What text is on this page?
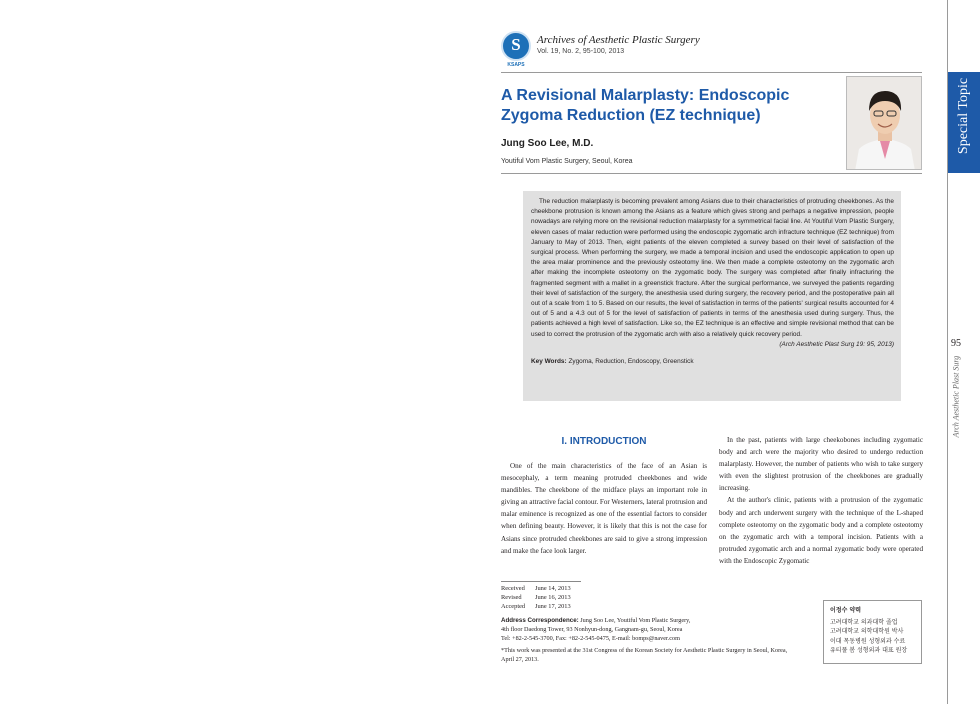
S
KSAPS
Archives of Aesthetic Plastic Surgery
Vol. 19, No. 2, 95-100, 2013
A Revisional Malarplasty: Endoscopic Zygoma Reduction (EZ technique)
Jung Soo Lee, M.D.
Youtiful Vom Plastic Surgery, Seoul, Korea
Special Topic
95
Arch Aesthetic Plast Surg

The reduction malarplasty is becoming prevalent among Asians due to their characteristics of protruding cheekbones. As the cheekbone protrusion is known among the Asians as a feature which gives strong and perhaps a negative impression, people nowadays are relying more on the revisional reduction malarplasty for a symmetrical facial line. At Youtiful Vom Plastic Surgery, eleven cases of malar reduction were performed using the endoscopic zygomatic arch infracture technique (EZ technique) from January to May of 2013. Then, eight patients of the eleven completed a survey based on their level of satisfaction of the surgical process. When performing the surgery, we made a temporal incision and used the endoscopic application to open up the area malar prominence and the previously osteotomy line. We then made a complete osteotomy on the zygomatic arch after making the incomplete osteotomy on the zygomatic body. The surgery was completed after finally infracturing the fragmented segment with a mallet in a greenstick fracture. After the surgical performance, we surveyed the patients regarding their level of satisfaction of the surgery, the anesthesia used during surgery, the recovery period, and the postoperative pain all out of a scale from 1 to 5. Based on our results, the level of satisfaction in terms of the patients' surgical results accounted for 4 out of 5 and a 4.3 out of 5 for the level of satisfaction of patients in terms of the anesthesia used during surgery. Thus, the patients achieved a high level of satisfaction. Like so, the EZ technique is an effective and simple revisional method that can be used to correct the protrusion of the zygomatic arch with also a relatively quick recovery period.

(Arch Aesthetic Plast Surg 19: 95, 2013)

Key Words: Zygoma, Reduction, Endoscopy, Greenstick

I. INTRODUCTION

One of the main characteristics of the face of an Asian is mesocephaly, a term meaning protruded cheekbones and wide mandibles. The cheekbone of the midface plays an important role in giving an attractive facial contour. For Westerners, lateral protrusion and malar eminence is recognized as one of the essential factors to consider when defining beauty. However, it is likely that this is not the case for Asians since protruded cheekbones are said to give a strong impression and make the face look larger.

In the past, patients with large cheekobones including zygomatic body and arch were the majority who desired to undergo reduction malarplasty. However, the number of patients who wish to take surgery with even the slightest protrusion of the cheekbones are gradually increasing.

At the author's clinic, patients with a protrusion of the zygomatic body and arch underwent surgery with the technique of the L-shaped complete osteotomy on the zygomatic body and a complete osteotomy on the zygomatic arch with a temporal incision. Patients with a protruded zygomatic arch and a normal zygomatic body were operated with the Endoscopic Zygomatic

Received June 14, 2013
Revised June 16, 2013
Accepted June 17, 2013
Address Correspondence: Jung Soo Lee, Youtiful Vom Plastic Surgery,
4th floor Daedong Tower, 93 Nonhyun-dong, Gangnam-gu, Seoul, Korea
Tel: +82-2-545-3700, Fax: +82-2-545-0475, E-mail: bomps@naver.com
*This work was presented at the 31st Congress of the Korean Society for Aesthetic Plastic Surgery in Seoul, Korea, April 27, 2013.
이정수 약력
고려대학교 의과대학 졸업
고려대학교 의학대학원 박사
이대 목동병원 성형외과 수료
유티풀 봄 성형외과 대표 원장
